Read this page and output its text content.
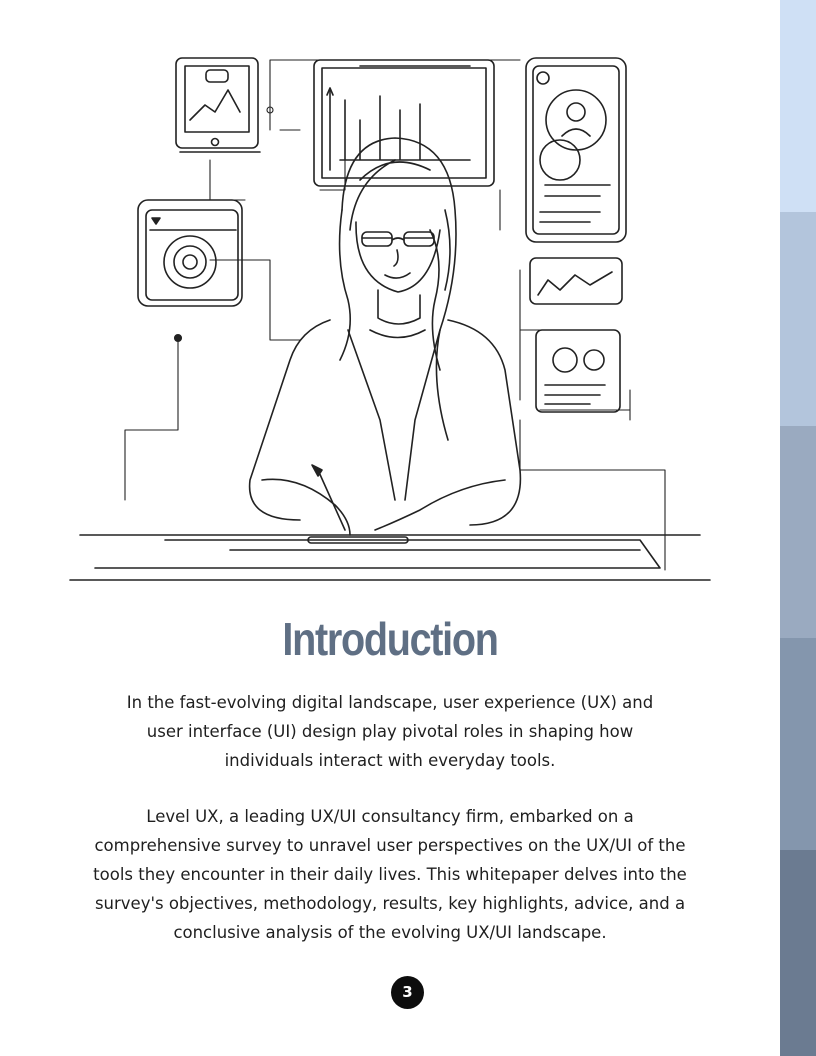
Introduction
In the fast-evolving digital landscape, user experience (UX) and
user interface (UI) design play pivotal roles in shaping how
individuals interact with everyday tools.
Level UX, a leading UX/UI consultancy firm, embarked on a
comprehensive survey to unravel user perspectives on the UX/UI of the
tools they encounter in their daily lives. This whitepaper delves into the
survey's objectives, methodology, results, key highlights, advice, and a
conclusive analysis of the evolving UX/UI landscape.
3
